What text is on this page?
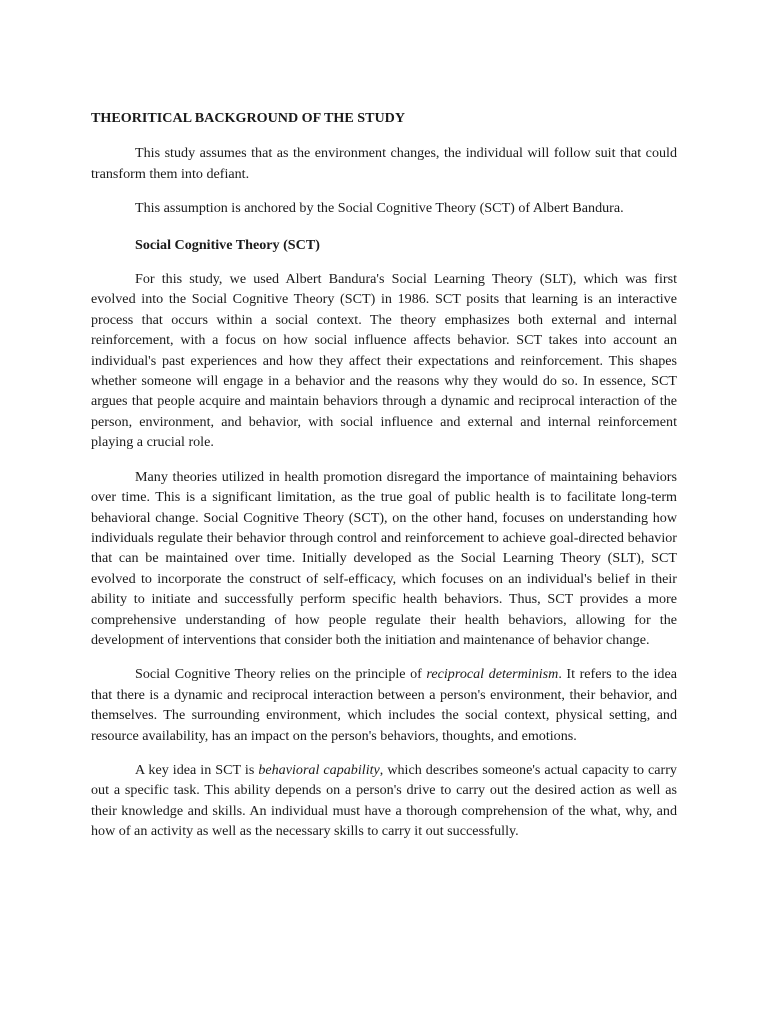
THEORITICAL BACKGROUND OF THE STUDY

This study assumes that as the environment changes, the individual will follow suit that could transform them into defiant.

This assumption is anchored by the Social Cognitive Theory (SCT) of Albert Bandura.

Social Cognitive Theory (SCT)

For this study, we used Albert Bandura's Social Learning Theory (SLT), which was first evolved into the Social Cognitive Theory (SCT) in 1986. SCT posits that learning is an interactive process that occurs within a social context. The theory emphasizes both external and internal reinforcement, with a focus on how social influence affects behavior. SCT takes into account an individual's past experiences and how they affect their expectations and reinforcement. This shapes whether someone will engage in a behavior and the reasons why they would do so. In essence, SCT argues that people acquire and maintain behaviors through a dynamic and reciprocal interaction of the person, environment, and behavior, with social influence and external and internal reinforcement playing a crucial role.

Many theories utilized in health promotion disregard the importance of maintaining behaviors over time. This is a significant limitation, as the true goal of public health is to facilitate long-term behavioral change. Social Cognitive Theory (SCT), on the other hand, focuses on understanding how individuals regulate their behavior through control and reinforcement to achieve goal-directed behavior that can be maintained over time. Initially developed as the Social Learning Theory (SLT), SCT evolved to incorporate the construct of self-efficacy, which focuses on an individual's belief in their ability to initiate and successfully perform specific health behaviors. Thus, SCT provides a more comprehensive understanding of how people regulate their health behaviors, allowing for the development of interventions that consider both the initiation and maintenance of behavior change.

Social Cognitive Theory relies on the principle of reciprocal determinism. It refers to the idea that there is a dynamic and reciprocal interaction between a person's environment, their behavior, and themselves. The surrounding environment, which includes the social context, physical setting, and resource availability, has an impact on the person's behaviors, thoughts, and emotions.

A key idea in SCT is behavioral capability, which describes someone's actual capacity to carry out a specific task. This ability depends on a person's drive to carry out the desired action as well as their knowledge and skills. An individual must have a thorough comprehension of the what, why, and how of an activity as well as the necessary skills to carry it out successfully.
